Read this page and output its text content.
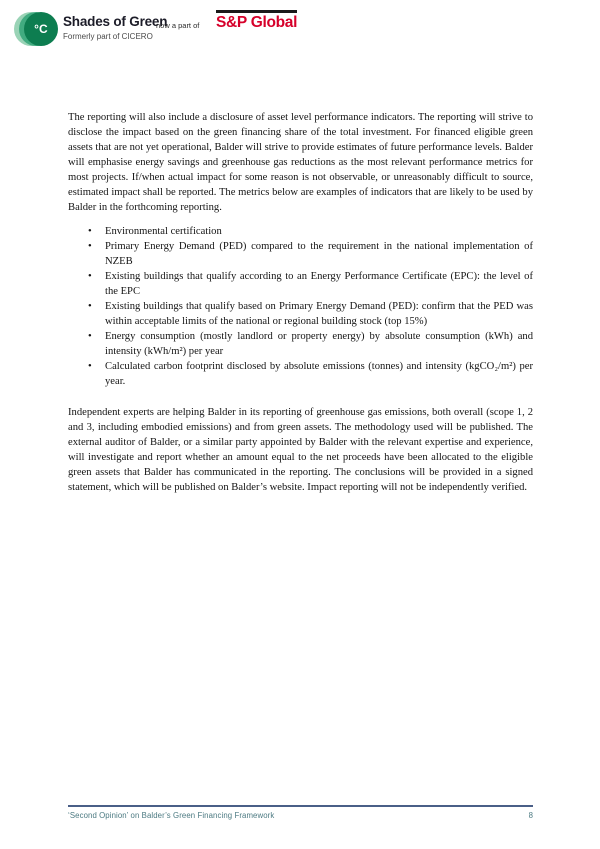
°C Shades of Green
now a part of S&P Global
Formerly part of CICERO

The reporting will also include a disclosure of asset level performance indicators. The reporting will strive to disclose the impact based on the green financing share of the total investment. For financed eligible green assets that are not yet operational, Balder will strive to provide estimates of future performance levels. Balder will emphasise energy savings and greenhouse gas reductions as the most relevant performance metrics for most projects. If/when actual impact for some reason is not observable, or unreasonably difficult to source, estimated impact shall be reported. The metrics below are examples of indicators that are likely to be used by Balder in the forthcoming reporting.

• Environmental certification
• Primary Energy Demand (PED) compared to the requirement in the national implementation of NZEB
• Existing buildings that qualify according to an Energy Performance Certificate (EPC): the level of the EPC
• Existing buildings that qualify based on Primary Energy Demand (PED): confirm that the PED was within acceptable limits of the national or regional building stock (top 15%)
• Energy consumption (mostly landlord or property energy) by absolute consumption (kWh) and intensity (kWh/m²) per year
• Calculated carbon footprint disclosed by absolute emissions (tonnes) and intensity (kgCO₂/m²) per year.

Independent experts are helping Balder in its reporting of greenhouse gas emissions, both overall (scope 1, 2 and 3, including embodied emissions) and from green assets. The methodology used will be published. The external auditor of Balder, or a similar party appointed by Balder with the relevant expertise and experience, will investigate and report whether an amount equal to the net proceeds have been allocated to the eligible green assets that Balder has communicated in the reporting. The conclusions will be provided in a signed statement, which will be published on Balder’s website. Impact reporting will not be independently verified.

‘Second Opinion’ on Balder’s Green Financing Framework	8
